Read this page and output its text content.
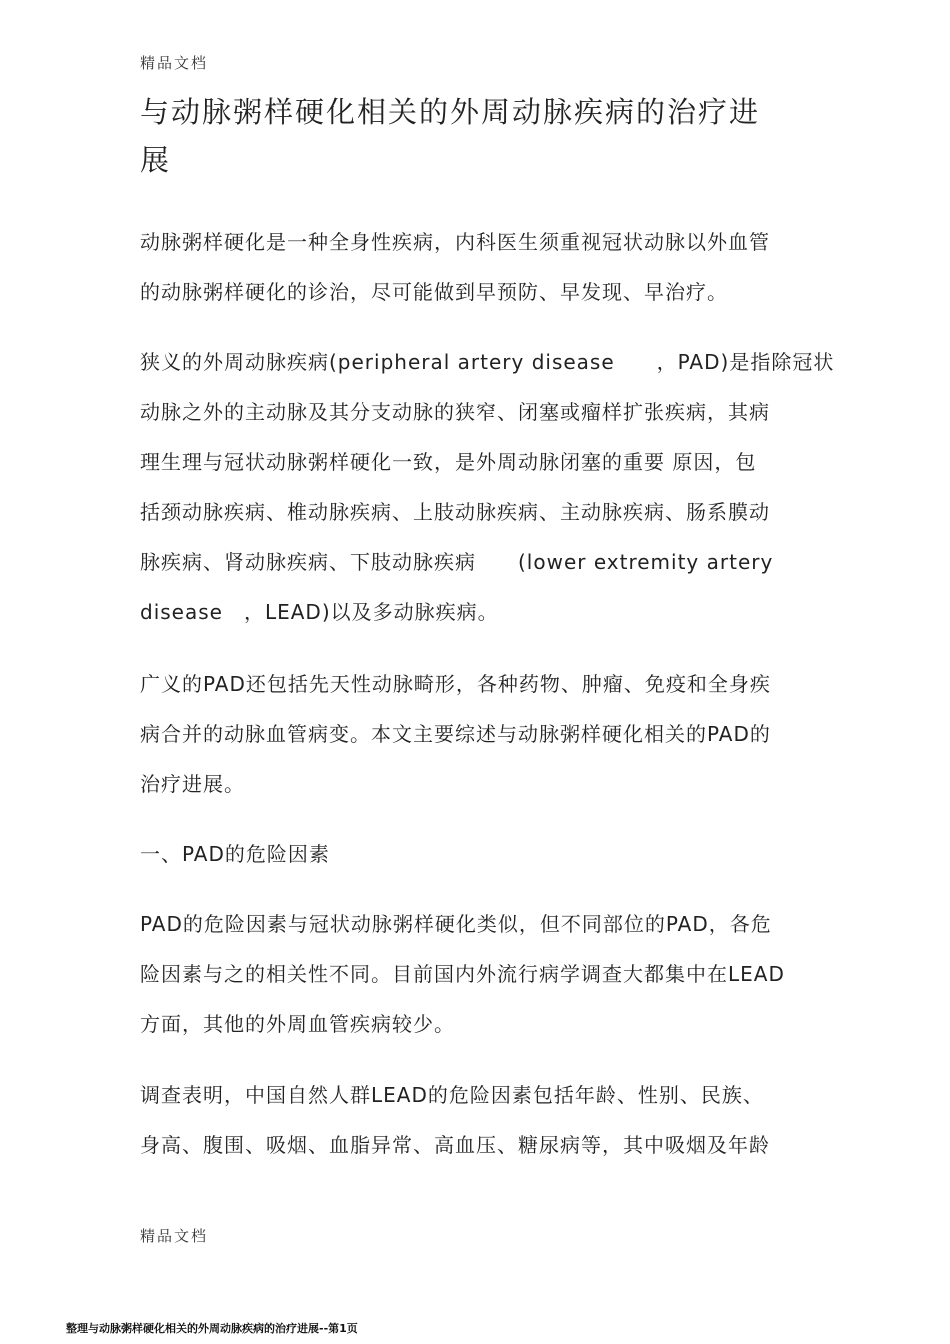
精品文档
与动脉粥样硬化相关的外周动脉疾病的治疗进
展
动脉粥样硬化是一种全身性疾病，内科医生须重视冠状动脉以外血管
的动脉粥样硬化的诊治，尽可能做到早预防、早发现、早治疗。
狭义的外周动脉疾病(peripheral artery disease　　，PAD)是指除冠状
动脉之外的主动脉及其分支动脉的狭窄、闭塞或瘤样扩张疾病，其病
理生理与冠状动脉粥样硬化一致，是外周动脉闭塞的重要 原因，包
括颈动脉疾病、椎动脉疾病、上肢动脉疾病、主动脉疾病、肠系膜动
脉疾病、肾动脉疾病、下肢动脉疾病　　(lower extremity artery
disease　，LEAD)以及多动脉疾病。
广义的PAD还包括先天性动脉畸形，各种药物、肿瘤、免疫和全身疾
病合并的动脉血管病变。本文主要综述与动脉粥样硬化相关的PAD的
治疗进展。
一、PAD的危险因素
PAD的危险因素与冠状动脉粥样硬化类似，但不同部位的PAD，各危
险因素与之的相关性不同。目前国内外流行病学调查大都集中在LEAD
方面，其他的外周血管疾病较少。
调查表明，中国自然人群LEAD的危险因素包括年龄、性别、民族、
身高、腹围、吸烟、血脂异常、高血压、糖尿病等，其中吸烟及年龄
精品文档
整理与动脉粥样硬化相关的外周动脉疾病的治疗进展--第1页
